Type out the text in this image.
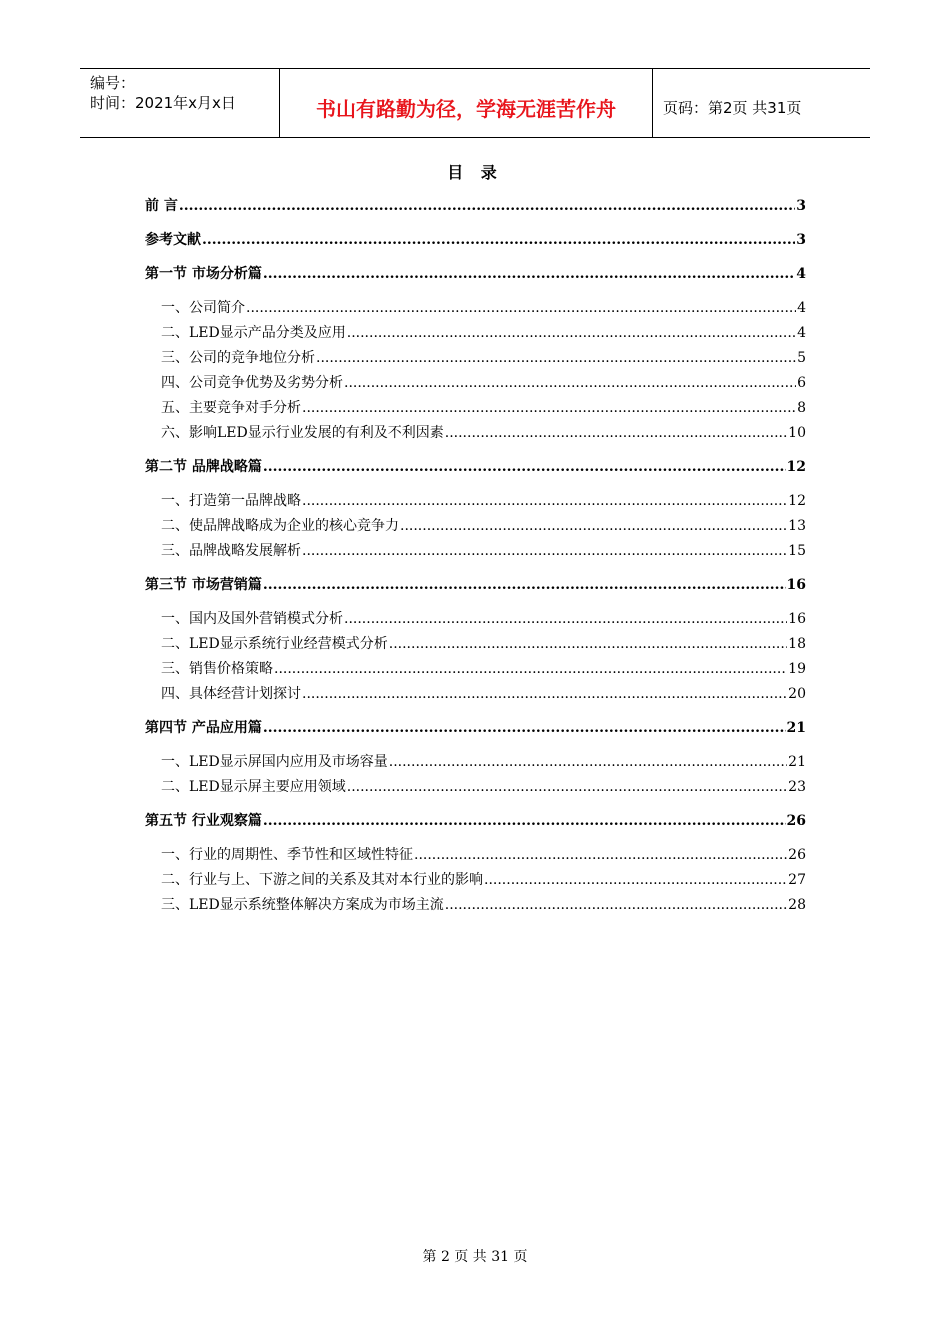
编号：
时间：2021年x月x日	书山有路勤为径，学海无涯苦作舟	页码：第2页 共31页
目 录
前 言 .....	3
参考文献 .....	3
第一节 市场分析篇 .....	4
一、公司简介 .....	4
二、LED显示产品分类及应用 .....	4
三、公司的竞争地位分析 .....	5
四、公司竞争优势及劣势分析 .....	6
五、主要竞争对手分析 .....	8
六、影响LED显示行业发展的有利及不利因素 .....	10
第二节 品牌战略篇 .....	12
一、打造第一品牌战略 .....	12
二、使品牌战略成为企业的核心竞争力 .....	13
三、品牌战略发展解析 .....	15
第三节 市场营销篇 .....	16
一、国内及国外营销模式分析 .....	16
二、LED显示系统行业经营模式分析 .....	18
三、销售价格策略 .....	19
四、具体经营计划探讨 .....	20
第四节 产品应用篇 .....	21
一、LED显示屏国内应用及市场容量 .....	21
二、LED显示屏主要应用领域 .....	23
第五节 行业观察篇 .....	26
一、行业的周期性、季节性和区域性特征 .....	26
二、行业与上、下游之间的关系及其对本行业的影响 .....	27
三、LED显示系统整体解决方案成为市场主流 .....	28
第 2 页 共 31 页
